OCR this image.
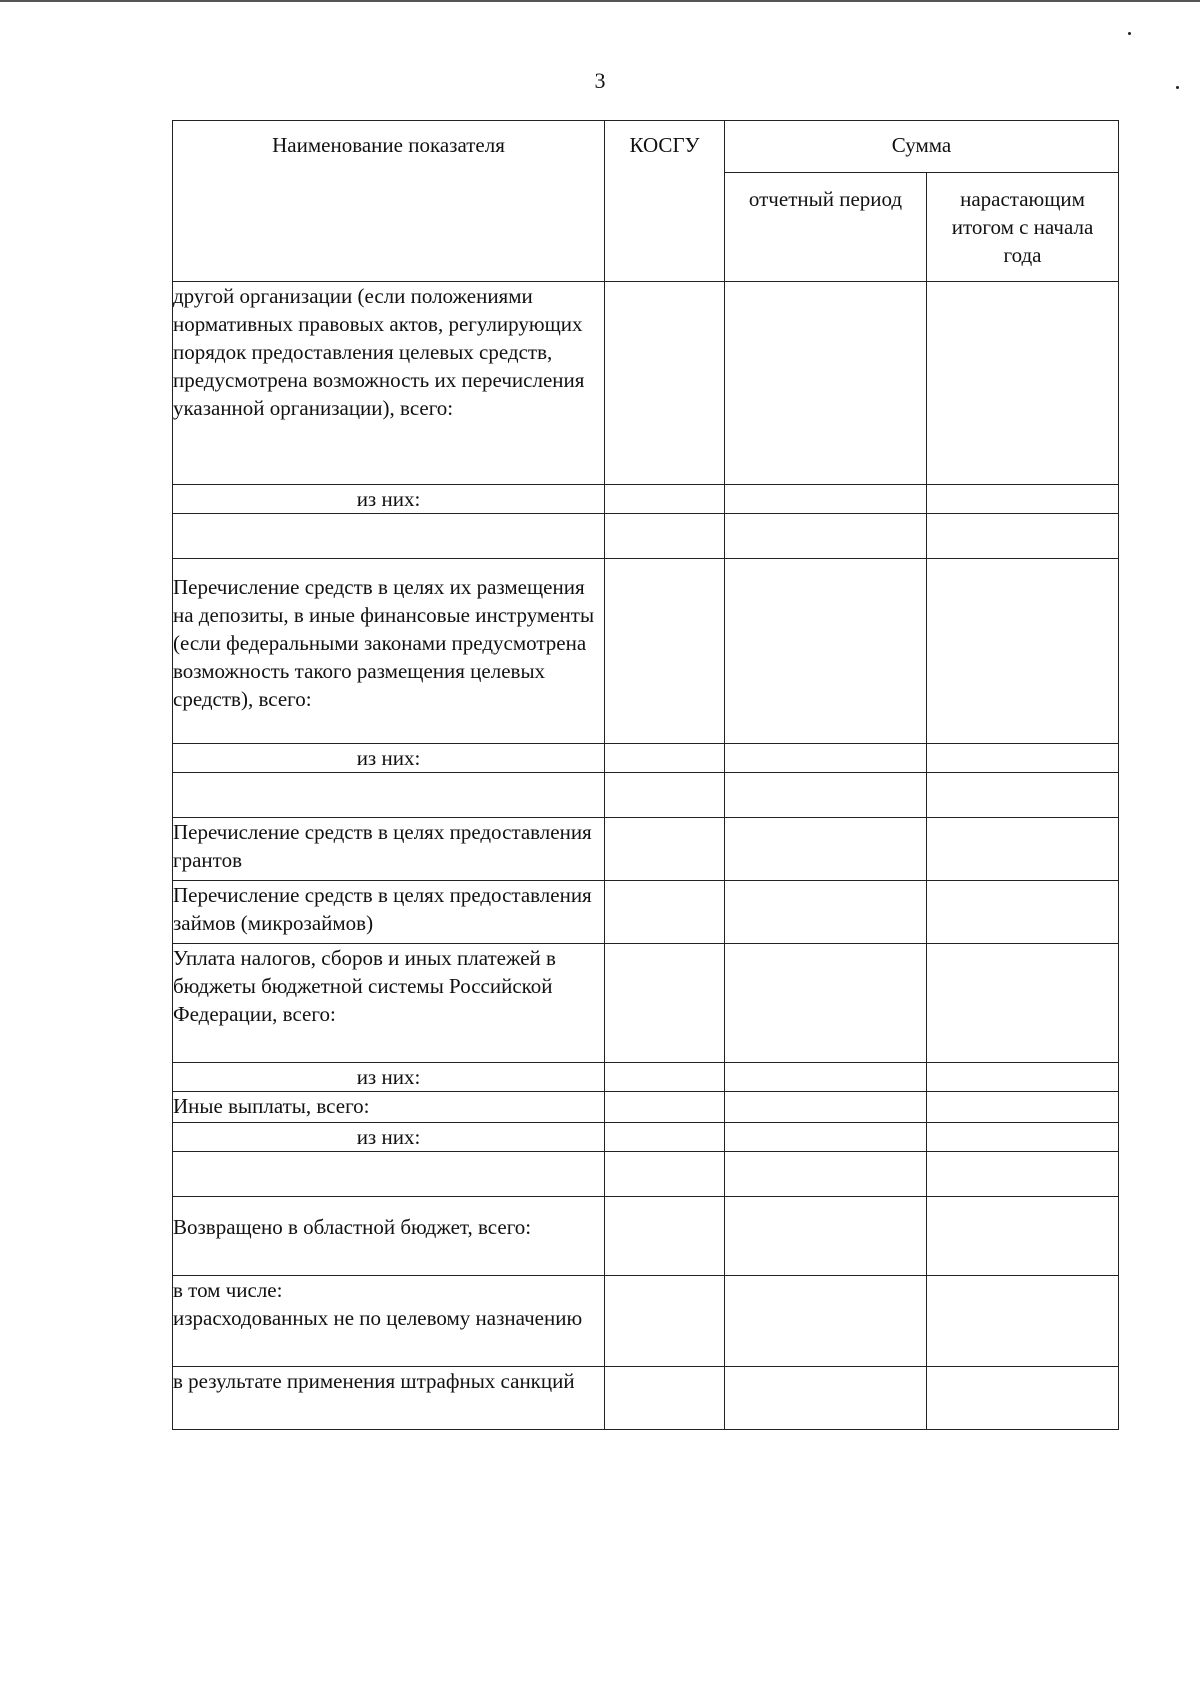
3
Наименование показателя	КОСГУ	Сумма	
		отчетный период	нарастающим итогом с начала года
другой организации (если положениями нормативных правовых актов, регулирующих порядок предоставления целевых средств, предусмотрена возможность их перечисления указанной организации), всего:			
из них:			

Перечисление средств в целях их размещения на депозиты, в иные финансовые инструменты (если федеральными законами предусмотрена возможность такого размещения целевых средств), всего:			
из них:			

Перечисление средств в целях предоставления грантов			
Перечисление средств в целях предоставления займов (микрозаймов)			
Уплата налогов, сборов и иных платежей в бюджеты бюджетной системы Российской Федерации, всего:			
из них:			
Иные выплаты, всего:			
из них:			

Возвращено в областной бюджет, всего:			
в том числе:
израсходованных не по целевому назначению			
в результате применения штрафных санкций			
